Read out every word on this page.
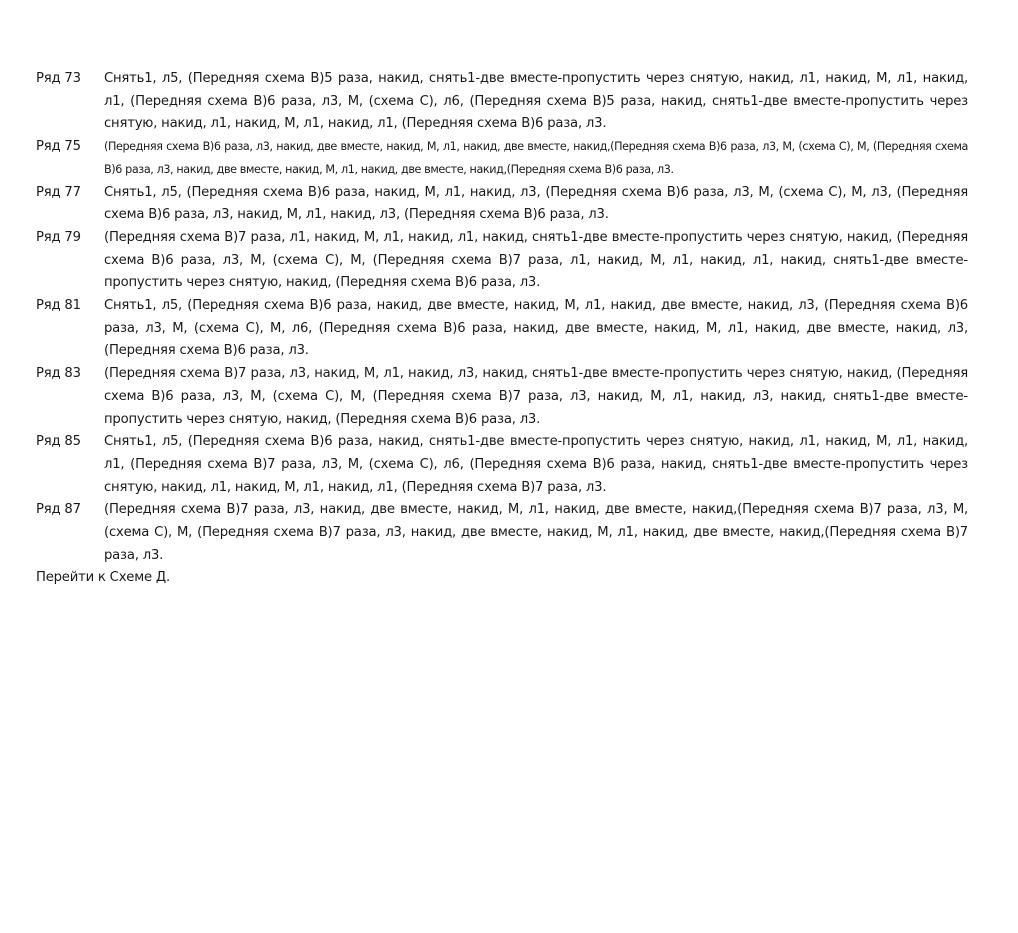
Ряд 73 Снять1, л5, (Передняя схема В)5 раза, накид, снять1-две вместе-пропустить через снятую, накид, л1, накид, М, л1, накид, л1, (Передняя схема В)6 раза, л3, М, (схема С), л6, (Передняя схема В)5 раза, накид, снять1-две вместе-пропустить через снятую, накид, л1, накид, М, л1, накид, л1, (Передняя схема В)6 раза, л3.

Ряд 75 (Передняя схема В)6 раза, л3, накид, две вместе, накид, М, л1, накид, две вместе, накид,(Передняя схема В)6 раза, л3, М, (схема С), М, (Передняя схема В)6 раза, л3, накид, две вместе, накид, М, л1, накид, две вместе, накид,(Передняя схема В)6 раза, л3.

Ряд 77 Снять1, л5, (Передняя схема В)6 раза, накид, М, л1, накид, л3, (Передняя схема В)6 раза, л3, М, (схема С), М, л3, (Передняя схема В)6 раза, л3, накид, М, л1, накид, л3, (Передняя схема В)6 раза, л3.

Ряд 79 (Передняя схема В)7 раза, л1, накид, М, л1, накид, л1, накид, снять1-две вместе-пропустить через снятую, накид, (Передняя схема В)6 раза, л3, М, (схема С), М, (Передняя схема В)7 раза, л1, накид, М, л1, накид, л1, накид, снять1-две вместе-пропустить через снятую, накид, (Передняя схема В)6 раза, л3.

Ряд 81 Снять1, л5, (Передняя схема В)6 раза, накид, две вместе, накид, М, л1, накид, две вместе, накид, л3, (Передняя схема В)6 раза, л3, М, (схема С), М, л6, (Передняя схема В)6 раза, накид, две вместе, накид, М, л1, накид, две вместе, накид, л3, (Передняя схема В)6 раза, л3.

Ряд 83 (Передняя схема В)7 раза, л3, накид, М, л1, накид, л3, накид, снять1-две вместе-пропустить через снятую, накид, (Передняя схема В)6 раза, л3, М, (схема С), М, (Передняя схема В)7 раза, л3, накид, М, л1, накид, л3, накид, снять1-две вместе-пропустить через снятую, накид, (Передняя схема В)6 раза, л3.

Ряд 85 Снять1, л5, (Передняя схема В)6 раза, накид, снять1-две вместе-пропустить через снятую, накид, л1, накид, М, л1, накид, л1, (Передняя схема В)7 раза, л3, М, (схема С), л6, (Передняя схема В)6 раза, накид, снять1-две вместе-пропустить через снятую, накид, л1, накид, М, л1, накид, л1, (Передняя схема В)7 раза, л3.

Ряд 87 (Передняя схема В)7 раза, л3, накид, две вместе, накид, М, л1, накид, две вместе, накид,(Передняя схема В)7 раза, л3, М, (схема С), М, (Передняя схема В)7 раза, л3, накид, две вместе, накид, М, л1, накид, две вместе, накид,(Передняя схема В)7 раза, л3.

Перейти к Схеме Д.
